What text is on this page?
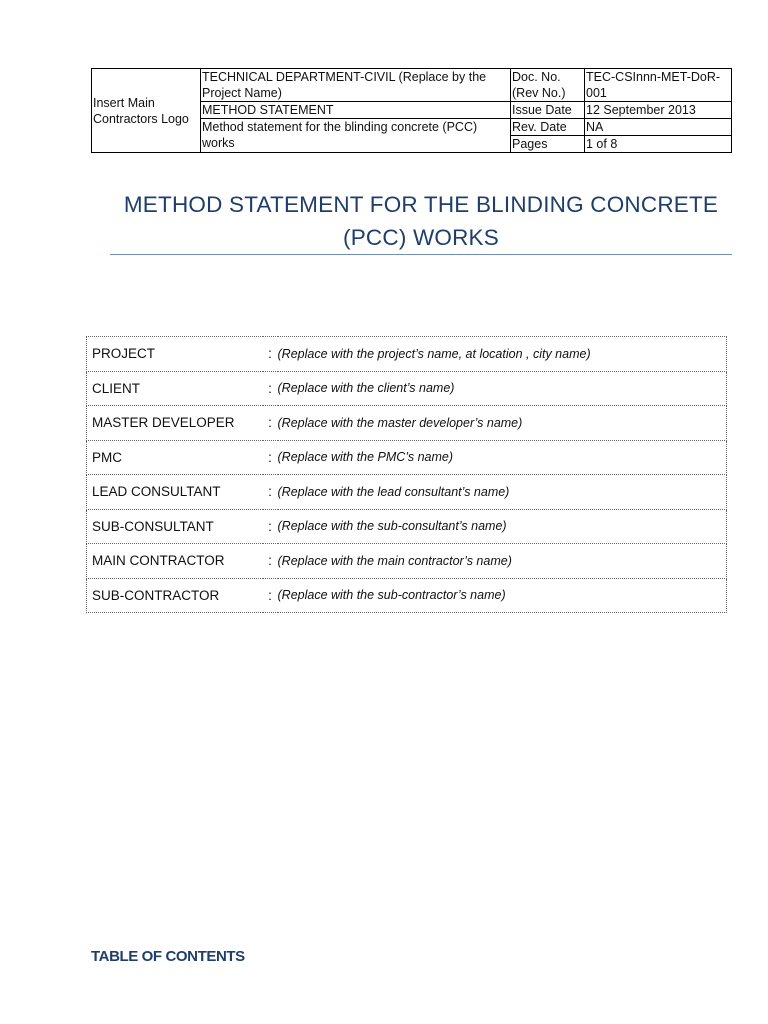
Insert Main Contractors Logo	TECHNICAL DEPARTMENT-CIVIL (Replace by the Project Name)	Doc. No. (Rev No.)	TEC-CSInnn-MET-DoR-001
	METHOD STATEMENT	Issue Date	12 September 2013
	Method statement for the blinding concrete (PCC) works	Rev. Date	NA
		Pages	1 of 8
METHOD STATEMENT FOR THE BLINDING CONCRETE
(PCC) WORKS
PROJECT	:	(Replace with the project’s name, at location , city name)
CLIENT	:	(Replace with the client’s name)
MASTER DEVELOPER	:	(Replace with the master developer’s name)
PMC	:	(Replace with the PMC’s name)
LEAD CONSULTANT	:	(Replace with the lead consultant’s name)
SUB-CONSULTANT	:	(Replace with the sub-consultant’s name)
MAIN CONTRACTOR	:	(Replace with the main contractor’s name)
SUB-CONTRACTOR	:	(Replace with the sub-contractor’s name)
TABLE OF CONTENTS
